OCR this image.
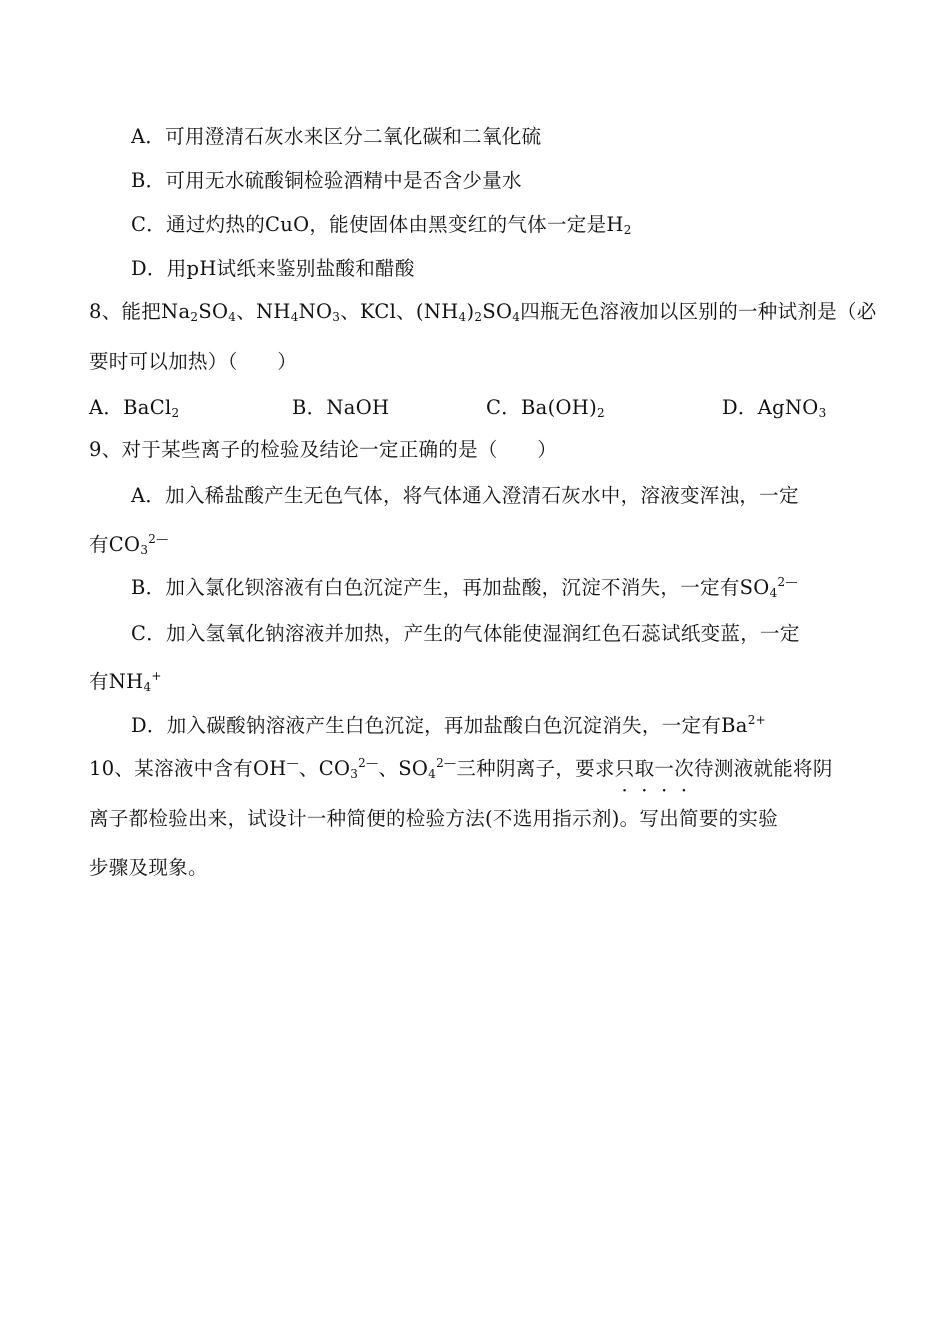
A．可用澄清石灰水来区分二氧化碳和二氧化硫
B．可用无水硫酸铜检验酒精中是否含少量水
C．通过灼热的CuO，能使固体由黑变红的气体一定是$H_2$
D．用pH试纸来鉴别盐酸和醋酸
8、能把$Na_2SO_4$、$NH_4NO_3$、KCl、$(NH_4)_2SO_4$四瓶无色溶液加以区别的一种试剂是（必
要时可以加热）（　　）
A．BaCl$_2$	B．NaOH	C．$Ba(OH)_2$	D．AgNO$_3$
9、对于某些离子的检验及结论一定正确的是（　　）
A．加入稀盐酸产生无色气体，将气体通入澄清石灰水中，溶液变浑浊，一定
有$CO_3^{2—}$
B．加入氯化钡溶液有白色沉淀产生，再加盐酸，沉淀不消失，一定有$SO_4^{2—}$
C．加入氢氧化钠溶液并加热，产生的气体能使湿润红色石蕊试纸变蓝，一定
有$NH_4^+$
D．加入碳酸钠溶液产生白色沉淀，再加盐酸白色沉淀消失，一定有$Ba^{2+}$
10、某溶液中含有OH—、$CO_3^{2—}$、$SO_4^{2—}$三种阴离子，要求只取一次待测液就能将阴
离子都检验出来，试设计一种简便的检验方法(不选用指示剂)。写出简要的实验
步骤及现象。
